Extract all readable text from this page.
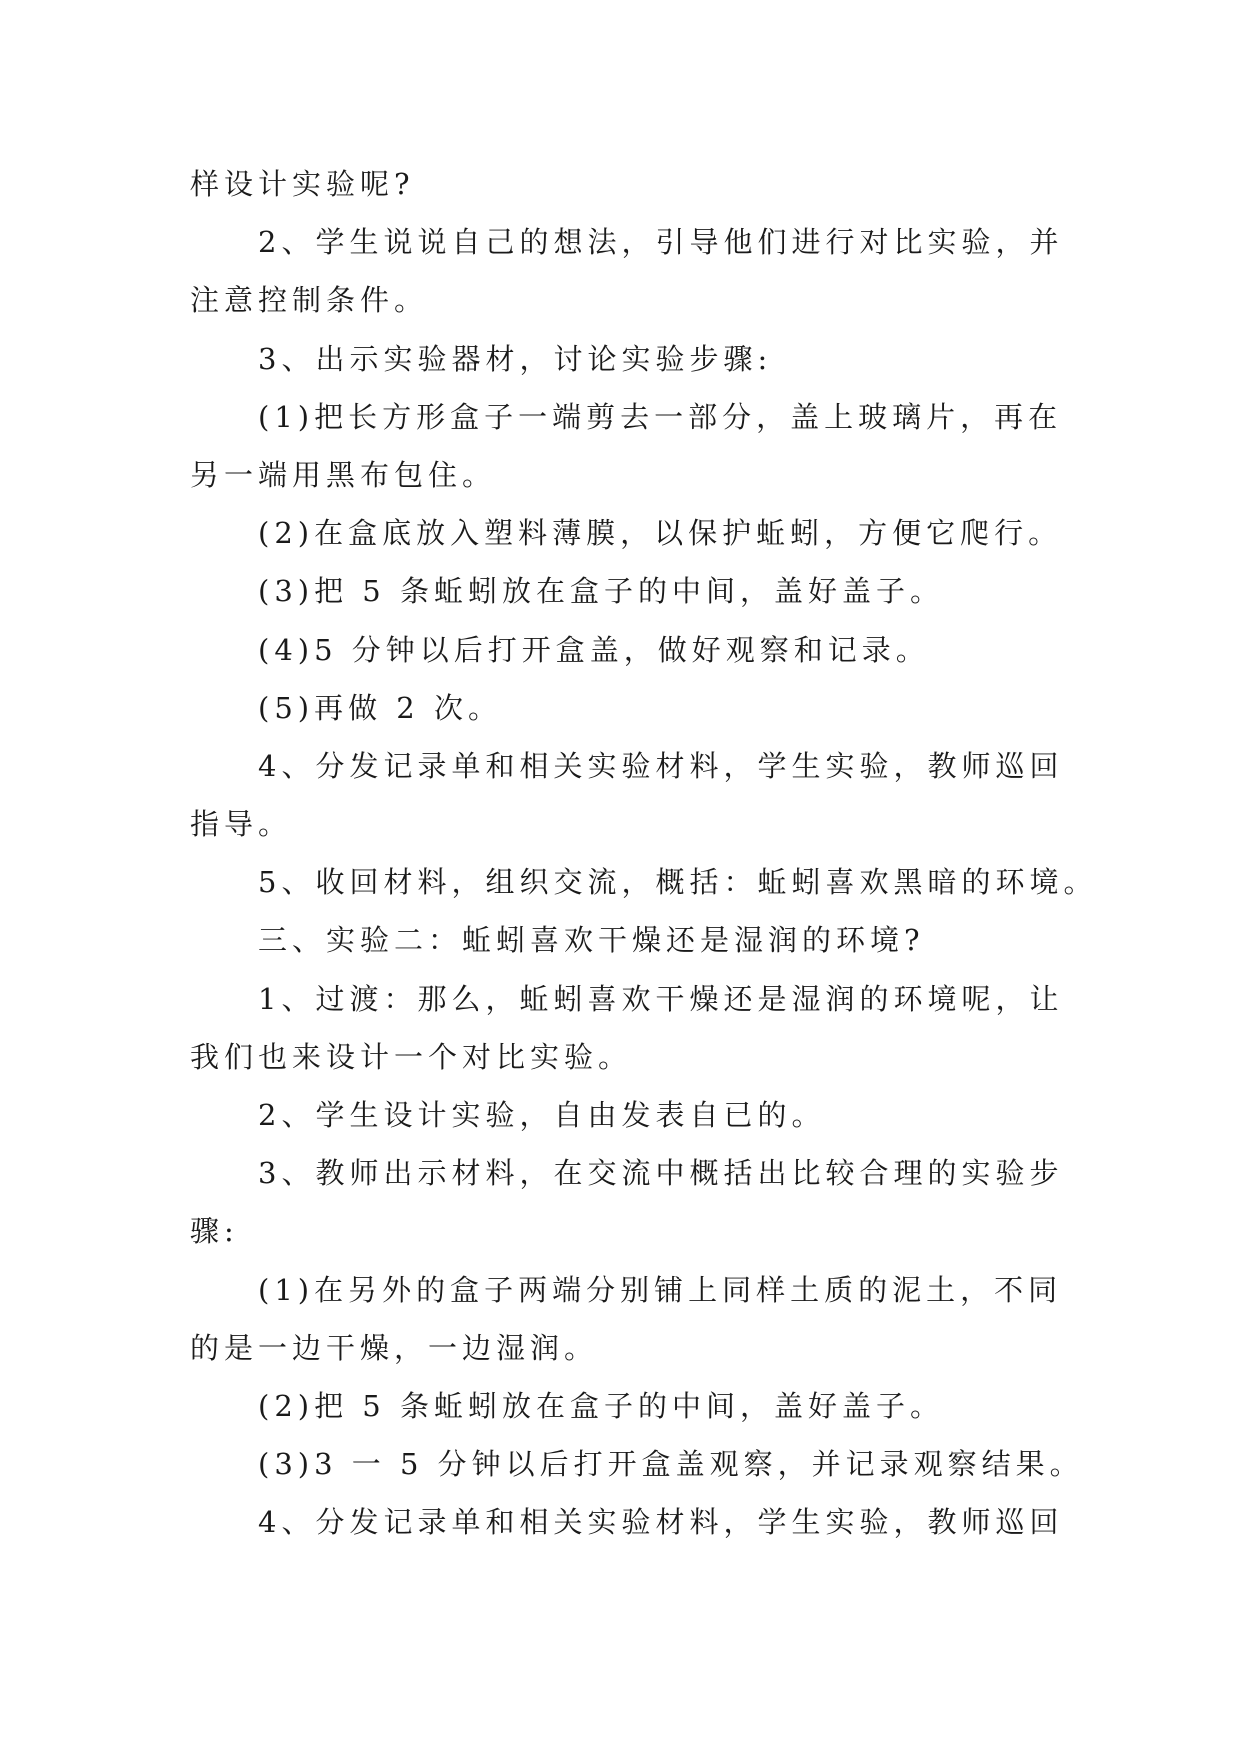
样设计实验呢?

2、学生说说自己的想法，引导他们进行对比实验，并

注意控制条件。

3、出示实验器材，讨论实验步骤:

(1)把长方形盒子一端剪去一部分，盖上玻璃片，再在

另一端用黑布包住。

(2)在盒底放入塑料薄膜，以保护蚯蚓，方便它爬行。

(3)把 5 条蚯蚓放在盒子的中间，盖好盖子。

(4)5 分钟以后打开盒盖，做好观察和记录。

(5)再做 2 次。

4、分发记录单和相关实验材料，学生实验，教师巡回

指导。

5、收回材料，组织交流，概括：蚯蚓喜欢黑暗的环境。

三、实验二：蚯蚓喜欢干燥还是湿润的环境?

1、过渡：那么，蚯蚓喜欢干燥还是湿润的环境呢，让

我们也来设计一个对比实验。

2、学生设计实验，自由发表自已的。

3、教师出示材料，在交流中概括出比较合理的实验步

骤:

(1)在另外的盒子两端分别铺上同样土质的泥土，不同

的是一边干燥，一边湿润。

(2)把 5 条蚯蚓放在盒子的中间，盖好盖子。

(3)3 一 5 分钟以后打开盒盖观察，并记录观察结果。

4、分发记录单和相关实验材料，学生实验，教师巡回
